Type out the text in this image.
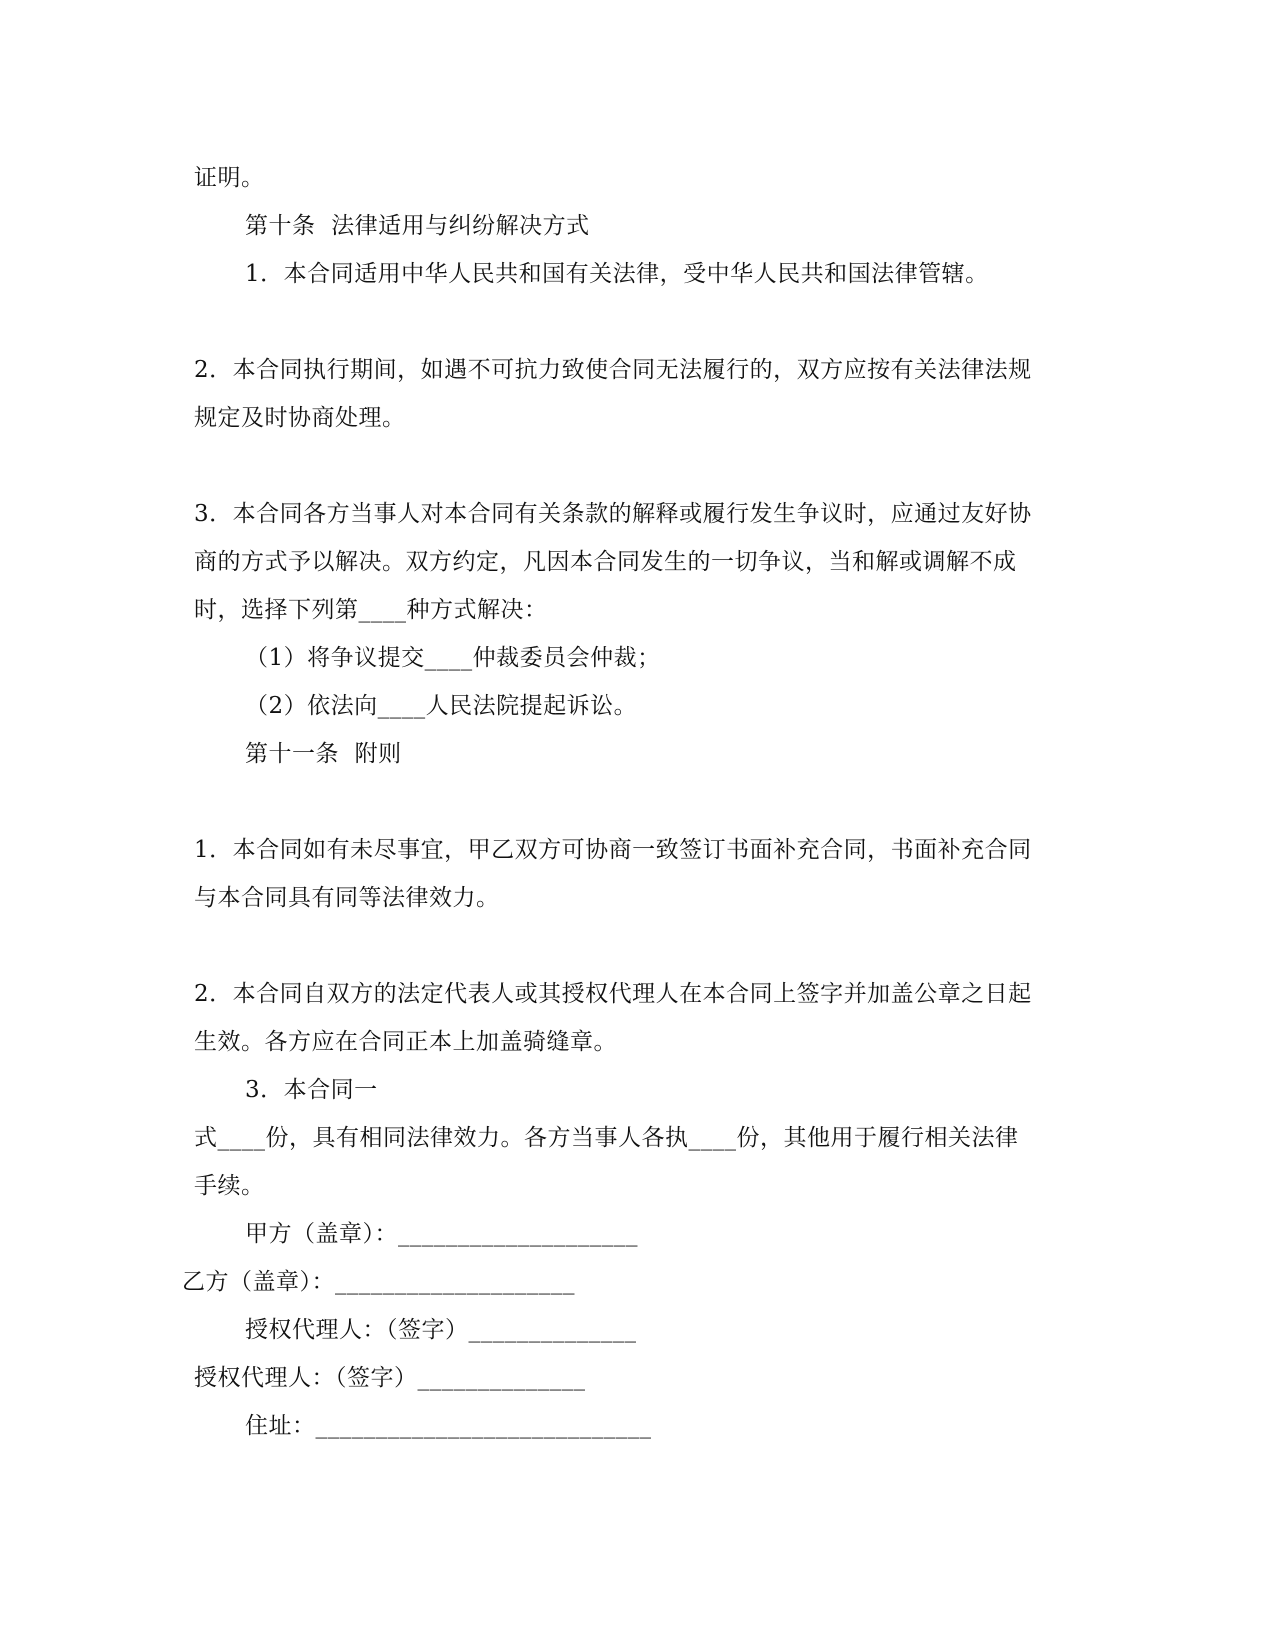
证明。
第十条  法律适用与纠纷解决方式
1．本合同适用中华人民共和国有关法律，受中华人民共和国法律管辖。
2．本合同执行期间，如遇不可抗力致使合同无法履行的，双方应按有关法律法规
规定及时协商处理。
3．本合同各方当事人对本合同有关条款的解释或履行发生争议时，应通过友好协
商的方式予以解决。双方约定，凡因本合同发生的一切争议，当和解或调解不成
时，选择下列第____种方式解决：
（1）将争议提交____仲裁委员会仲裁；
（2）依法向____人民法院提起诉讼。
第十一条  附则
1．本合同如有未尽事宜，甲乙双方可协商一致签订书面补充合同，书面补充合同
与本合同具有同等法律效力。
2．本合同自双方的法定代表人或其授权代理人在本合同上签字并加盖公章之日起
生效。各方应在合同正本上加盖骑缝章。
3．本合同一
式____份，具有相同法律效力。各方当事人各执____份，其他用于履行相关法律
手续。
甲方（盖章）：____________________
乙方（盖章）：____________________
授权代理人：（签字）______________
授权代理人：（签字）______________
住址：____________________________
